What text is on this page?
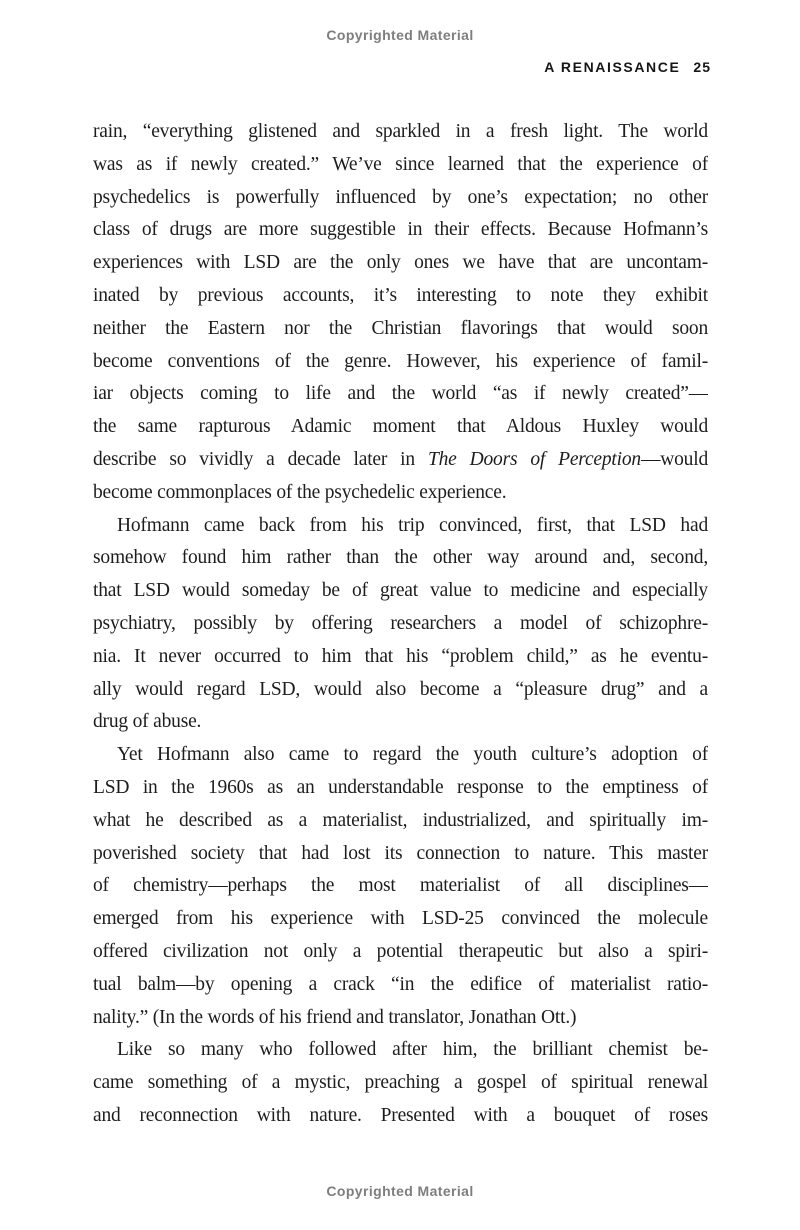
Copyrighted Material
A RENAISSANCE 25
rain, “everything glistened and sparkled in a fresh light. The world
was as if newly created.” We’ve since learned that the experience of
psychedelics is powerfully influenced by one’s expectation; no other
class of drugs are more suggestible in their effects. Because Hofmann’s
experiences with LSD are the only ones we have that are uncontam-
inated by previous accounts, it’s interesting to note they exhibit
neither the Eastern nor the Christian flavorings that would soon
become conventions of the genre. However, his experience of famil-
iar objects coming to life and the world “as if newly created”—
the same rapturous Adamic moment that Aldous Huxley would
describe so vividly a decade later in The Doors of Perception—would
become commonplaces of the psychedelic experience.
Hofmann came back from his trip convinced, first, that LSD had
somehow found him rather than the other way around and, second,
that LSD would someday be of great value to medicine and especially
psychiatry, possibly by offering researchers a model of schizophre-
nia. It never occurred to him that his “problem child,” as he eventu-
ally would regard LSD, would also become a “pleasure drug” and a
drug of abuse.
Yet Hofmann also came to regard the youth culture’s adoption of
LSD in the 1960s as an understandable response to the emptiness of
what he described as a materialist, industrialized, and spiritually im-
poverished society that had lost its connection to nature. This master
of chemistry—perhaps the most materialist of all disciplines—
emerged from his experience with LSD-25 convinced the molecule
offered civilization not only a potential therapeutic but also a spiri-
tual balm—by opening a crack “in the edifice of materialist ratio-
nality.” (In the words of his friend and translator, Jonathan Ott.)
Like so many who followed after him, the brilliant chemist be-
came something of a mystic, preaching a gospel of spiritual renewal
and reconnection with nature. Presented with a bouquet of roses
Copyrighted Material
